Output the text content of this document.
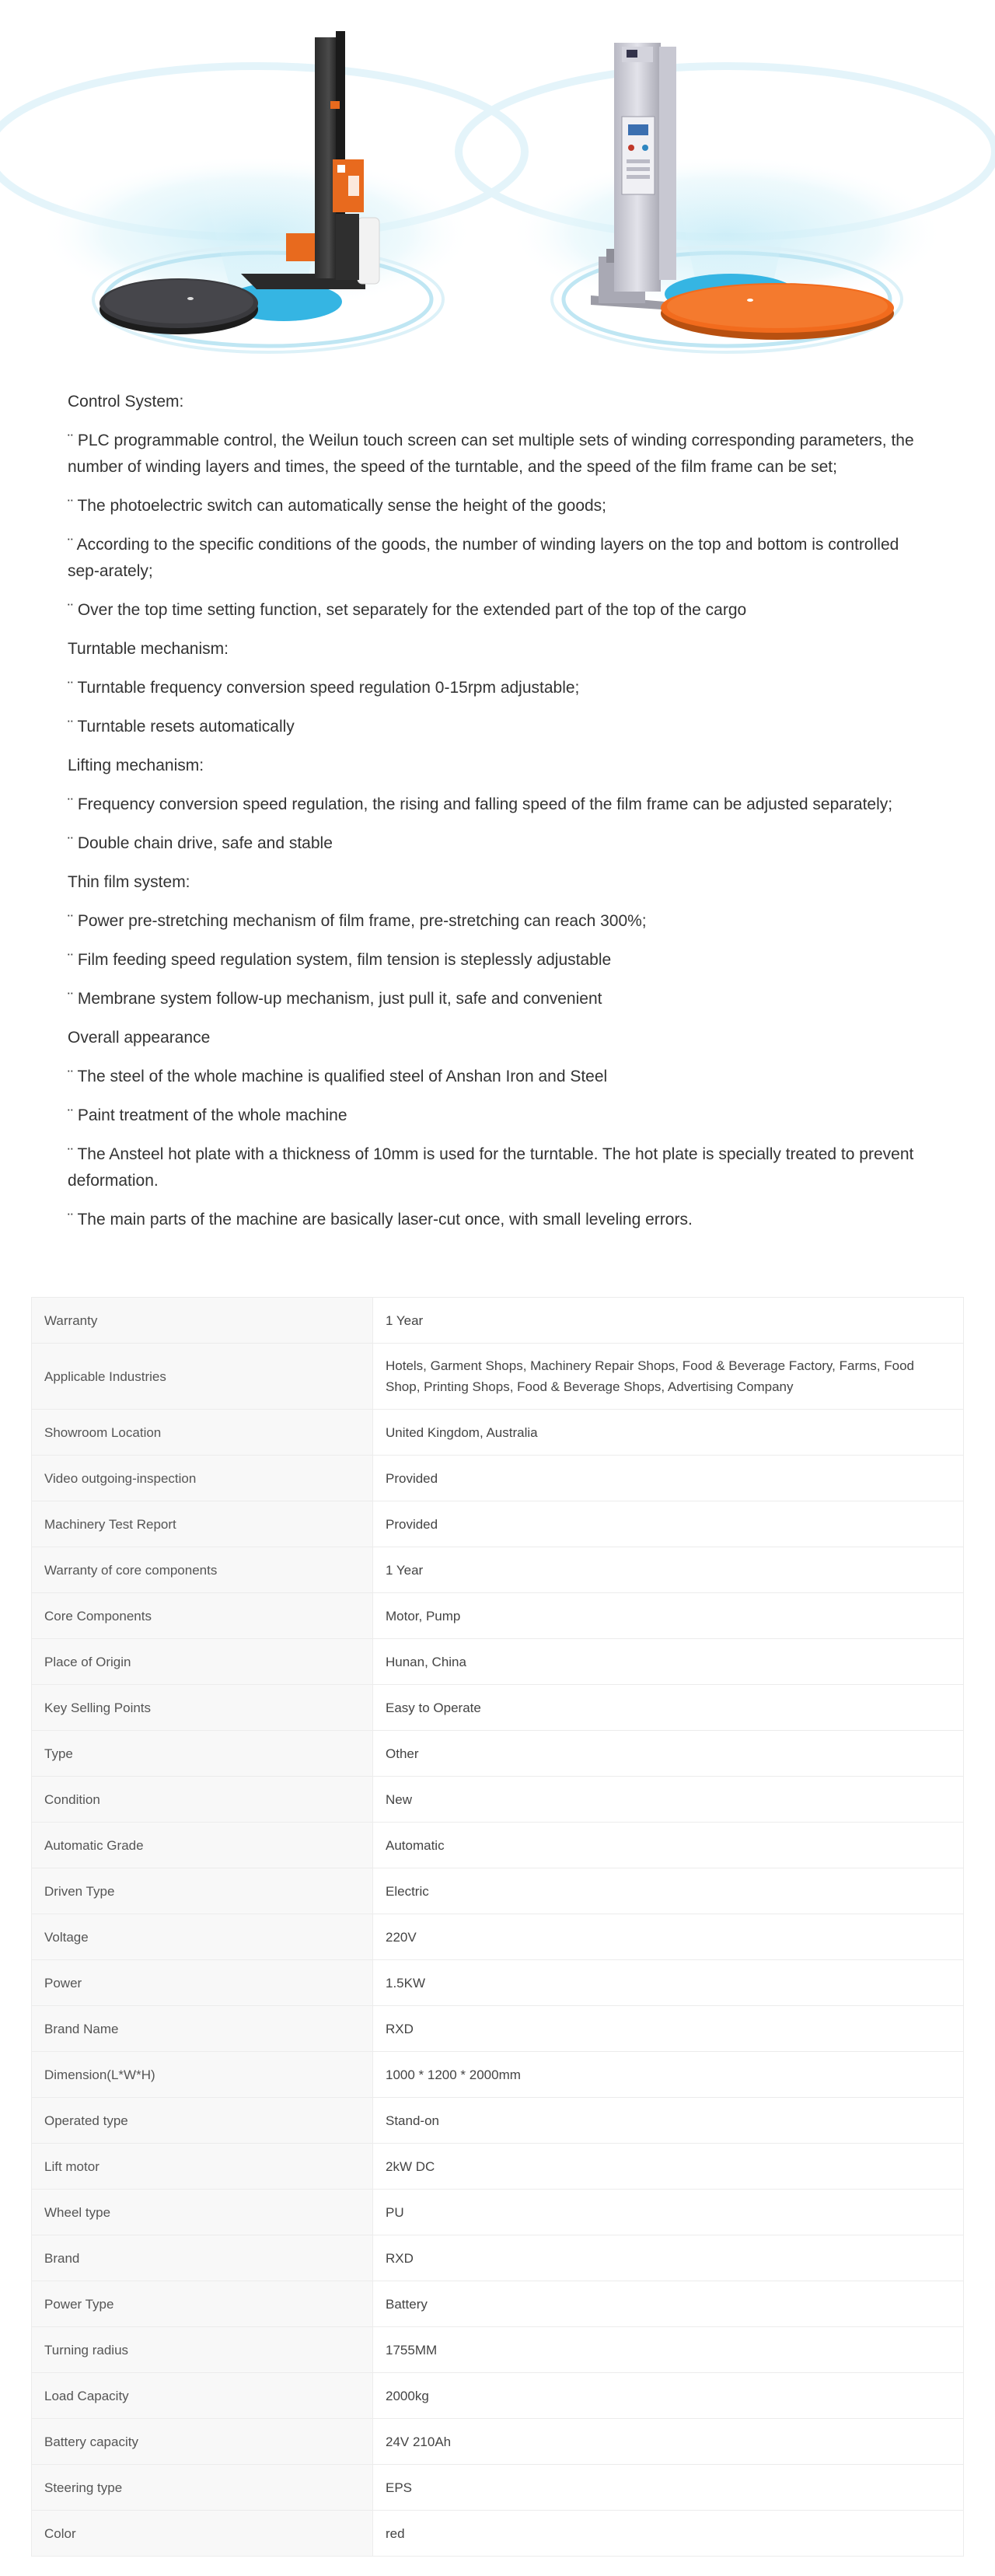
Control System:

¨ PLC programmable control, the Weilun touch screen can set multiple sets of winding corresponding parameters, the number of winding layers and times, the speed of the turntable, and the speed of the film frame can be set;

¨ The photoelectric switch can automatically sense the height of the goods;

¨ According to the specific conditions of the goods, the number of winding layers on the top and bottom is controlled sep-arately;

¨ Over the top time setting function, set separately for the extended part of the top of the cargo

Turntable mechanism:

¨ Turntable frequency conversion speed regulation 0-15rpm adjustable;

¨ Turntable resets automatically

Lifting mechanism:

¨ Frequency conversion speed regulation, the rising and falling speed of the film frame can be adjusted separately;

¨ Double chain drive, safe and stable

Thin film system:

¨ Power pre-stretching mechanism of film frame, pre-stretching can reach 300%;

¨ Film feeding speed regulation system, film tension is steplessly adjustable

¨ Membrane system follow-up mechanism, just pull it, safe and convenient

Overall appearance

¨ The steel of the whole machine is qualified steel of Anshan Iron and Steel

¨ Paint treatment of the whole machine

¨ The Ansteel hot plate with a thickness of 10mm is used for the turntable. The hot plate is specially treated to prevent deformation.

¨ The main parts of the machine are basically laser-cut once, with small leveling errors.

Warranty	1 Year
Applicable Industries	Hotels, Garment Shops, Machinery Repair Shops, Food & Beverage Factory, Farms, Food Shop, Printing Shops, Food & Beverage Shops, Advertising Company
Showroom Location	United Kingdom, Australia
Video outgoing-inspection	Provided
Machinery Test Report	Provided
Warranty of core components	1 Year
Core Components	Motor, Pump
Place of Origin	Hunan, China
Key Selling Points	Easy to Operate
Type	Other
Condition	New
Automatic Grade	Automatic
Driven Type	Electric
Voltage	220V
Power	1.5KW
Brand Name	RXD
Dimension(L*W*H)	1000 * 1200 * 2000mm
Operated type	Stand-on
Lift motor	2kW DC
Wheel type	PU
Brand	RXD
Power Type	Battery
Turning radius	1755MM
Load Capacity	2000kg
Battery capacity	24V 210Ah
Steering type	EPS
Color	red
